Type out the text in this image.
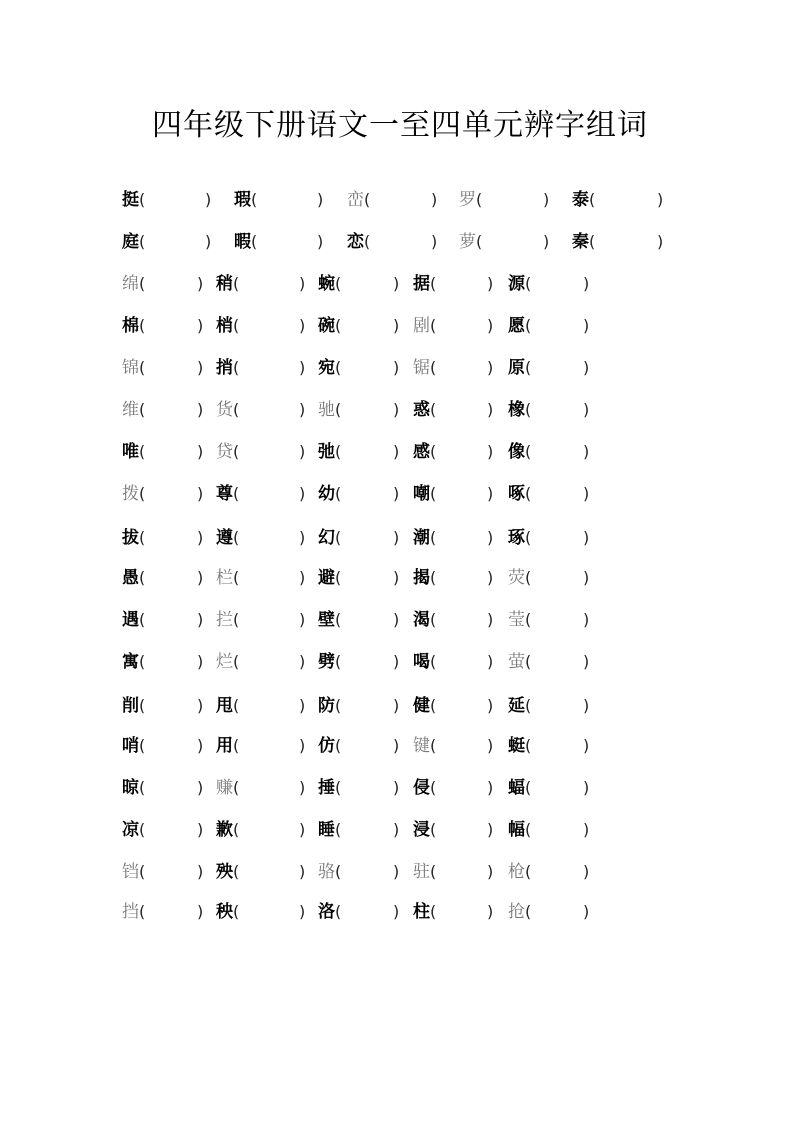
四年级下册语文一至四单元辨字组词
挺(	) 瑕(	) 峦(	) 罗(	) 泰(	)
庭(	) 暇(	) 恋(	) 萝(	) 秦(	)
绵(	) 稍(	) 蜿(	) 据(	) 源(	)
棉(	) 梢(	) 碗(	) 剧(	) 愿(	)
锦(	) 捎(	) 宛(	) 锯(	) 原(	)
维(	) 货(	) 驰(	) 惑(	) 橡(	)
唯(	) 贷(	) 弛(	) 感(	) 像(	)
拨(	) 尊(	) 幼(	) 嘲(	) 啄(	)
拔(	) 遵(	) 幻(	) 潮(	) 琢(	)
愚(	) 栏(	) 避(	) 揭(	) 荧(	)
遇(	) 拦(	) 壁(	) 渴(	) 莹(	)
寓(	) 烂(	) 劈(	) 喝(	) 萤(	)
削(	) 甩(	) 防(	) 健(	) 延(	)
哨(	) 用(	) 仿(	) 键(	) 蜓(	)
晾(	) 赚(	) 捶(	) 侵(	) 蝠(	)
凉(	) 歉(	) 睡(	) 浸(	) 幅(	)
铛(	) 殃(	) 骆(	) 驻(	) 枪(	)
挡(	) 秧(	) 洛(	) 柱(	) 抢(	)
